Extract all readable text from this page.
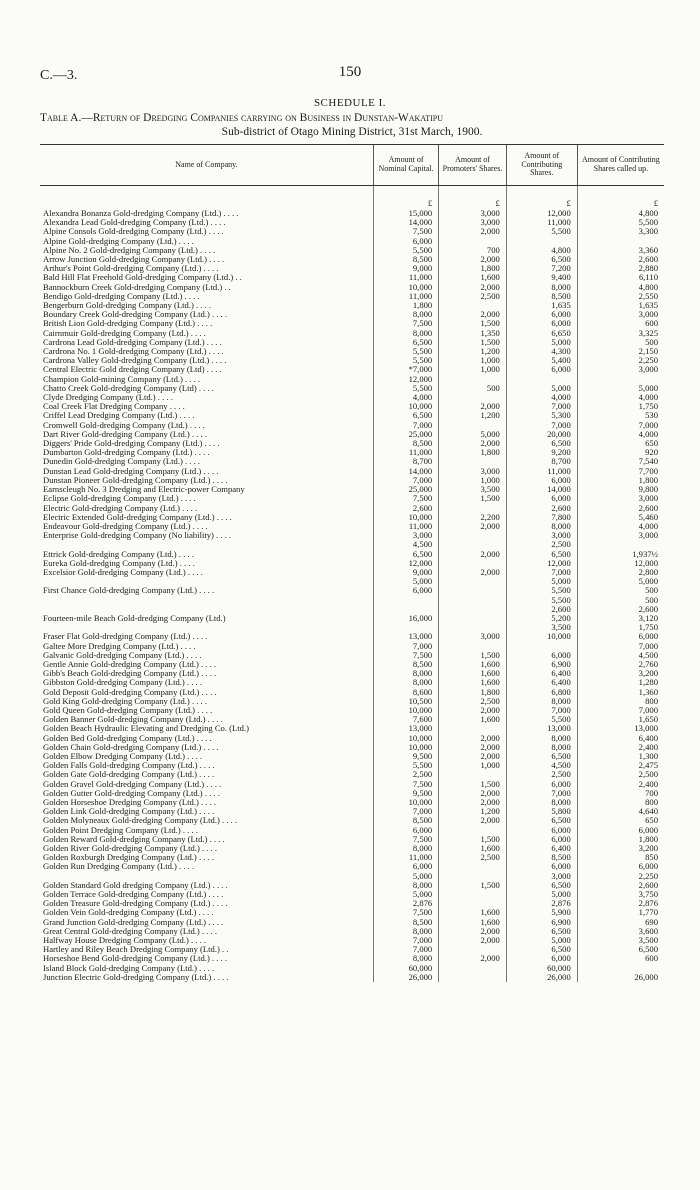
C.—3.	150
SCHEDULE I.
Table A.—Return of Dredging Companies carrying on Business in Dunstan-Wakatipu
Sub-district of Otago Mining District, 31st March, 1900.
Name of Company.	Amount of Nominal Capital.	Amount of Promoters' Shares.	Amount of Contributing Shares.	Amount of Contributing Shares called up.

	£	£	£	£
Alexandra Bonanza Gold-dredging Company (Ltd.) . . . .	15,000	3,000	12,000	4,800
Alexandra Lead Gold-dredging Company (Ltd.) . . . .	14,000	3,000	11,000	5,500
Alpine Consols Gold-dredging Company (Ltd.) . . . .	7,500	2,000	5,500	3,300
Alpine Gold-dredging Company (Ltd.) . . . .	6,000			
Alpine No. 2 Gold-dredging Company (Ltd.) . . . .	5,500	700	4,800	3,360
Arrow Junction Gold-dredging Company (Ltd.) . . . .	8,500	2,000	6,500	2,600
Arthur's Point Gold-dredging Company (Ltd.) . . . .	9,000	1,800	7,200	2,880
Bald Hill Flat Freehold Gold-dredging Company (Ltd.) . .	11,000	1,600	9,400	6,110
Bannockburn Creek Gold-dredging Company (Ltd.) . .	10,000	2,000	8,000	4,800
Bendigo Gold-dredging Company (Ltd.) . . . .	11,000	2,500	8,500	2,550
Bengerburn Gold-dredging Company (Ltd.) . . . .	1,800		1,635	1,635
Boundary Creek Gold-dredging Company (Ltd.) . . . .	8,000	2,000	6,000	3,000
British Lion Gold-dredging Company (Ltd.) . . . .	7,500	1,500	6,000	600
Cairnmuir Gold-dredging Company (Ltd.) . . . .	8,000	1,350	6,650	3,325
Cardrona Lead Gold-dredging Company (Ltd.) . . . .	6,500	1,500	5,000	500
Cardrona No. 1 Gold-dredging Company (Ltd.) . . . .	5,500	1,200	4,300	2,150
Cardrona Valley Gold-dredging Company (Ltd.) . . . .	5,500	1,000	5,400	2,250
Central Electric Gold dredging Company (Ltd) . . . .	*7,000	1,000	6,000	3,000
Champion Gold-mining Company (Ltd.) . . . .	12,000			
Chatto Creek Gold-dredging Company (Ltd) . . . .	5,500	500	5,000	5,000
Clyde Dredging Company (Ltd.) . . . .	4,000		4,000	4,000
Coal Creek Flat Dredging Company . . . .	10,000	2,000	7,000	1,750
Criffel Lead Dredging Company (Ltd.) . . . .	6,500	1,200	5,300	530
Cromwell Gold-dredging Company (Ltd.) . . . .	7,000		7,000	7,000
Dart River Gold-dredging Company (Ltd.) . . . .	25,000	5,000	20,000	4,000
Diggers' Pride Gold-dredging Company (Ltd.) . . . .	8,500	2,000	6,500	650
Dumbarton Gold-dredging Company (Ltd.) . . . .	11,000	1,800	9,200	920
Dunedin Gold-dredging Company (Ltd.) . . . .	8,700		8,700	7,540
Dunstan Lead Gold-dredging Company (Ltd.) . . . .	14,000	3,000	11,000	7,700
Dunstan Pioneer Gold-dredging Company (Ltd.) . . . .	7,000	1,000	6,000	1,800
Earnscleugh No. 3 Dredging and Electric-power Company	25,000	3,500	14,000	9,800
Eclipse Gold-dredging Company (Ltd.) . . . .	7,500	1,500	6,000	3,000
Electric Gold-dredging Company (Ltd.) . . . .	2,600		2,600	2,600
Electric Extended Gold-dredging Company (Ltd.) . . . .	10,000	2,200	7,800	5,460
Endeavour Gold-dredging Company (Ltd.) . . . .	11,000	2,000	8,000	4,000
Enterprise Gold-dredging Company (No liability) . . . .	3,000		3,000	3,000
	4,500		2,500	
Ettrick Gold-dredging Company (Ltd.) . . . .	6,500	2,000	6,500	1,937½
Eureka Gold-dredging Company (Ltd.) . . . .	12,000		12,000	12,000
Excelsior Gold-dredging Company (Ltd.) . . . .	9,000	2,000	7,000	2,800
	5,000		5,000	5,000
First Chance Gold-dredging Company (Ltd.) . . . .	6,000		5,500	500
			5,500	500
			2,600	2,600
Fourteen-mile Beach Gold-dredging Company (Ltd.)	16,000		5,200	3,120
			3,500	1,750
Fraser Flat Gold-dredging Company (Ltd.) . . . .	13,000	3,000	10,000	6,000
Galtee More Dredging Company (Ltd.) . . . .	7,000			7,000
Galvanic Gold-dredging Company (Ltd.) . . . .	7,500	1,500	6,000	4,500
Gentle Annie Gold-dredging Company (Ltd.) . . . .	8,500	1,600	6,900	2,760
Gibb's Beach Gold-dredging Company (Ltd.) . . . .	8,000	1,600	6,400	3,200
Gibbston Gold-dredging Company (Ltd.) . . . .	8,000	1,600	6,400	1,280
Gold Deposit Gold-dredging Company (Ltd.) . . . .	8,600	1,800	6,800	1,360
Gold King Gold-dredging Company (Ltd.) . . . .	10,500	2,500	8,000	800
Gold Queen Gold-dredging Company (Ltd.) . . . .	10,000	2,000	7,000	7,000
Golden Banner Gold-dredging Company (Ltd.) . . . .	7,600	1,600	5,500	1,650
Golden Beach Hydraulic Elevating and Dredging Co. (Ltd.)	13,000		13,000	13,000
Golden Bed Gold-dredging Company (Ltd.) . . . .	10,000	2,000	8,000	6,400
Golden Chain Gold-dredging Company (Ltd.) . . . .	10,000	2,000	8,000	2,400
Golden Elbow Dredging Company (Ltd.) . . . .	9,500	2,000	6,500	1,300
Golden Falls Gold-dredging Company (Ltd.) . . . .	5,500	1,000	4,500	2,475
Golden Gate Gold-dredging Company (Ltd.) . . . .	2,500		2,500	2,500
Golden Gravel Gold-dredging Company (Ltd.) . . . .	7,500	1,500	6,000	2,400
Golden Gutter Gold-dredging Company (Ltd.) . . . .	9,500	2,000	7,000	700
Golden Horseshoe Dredging Company (Ltd.) . . . .	10,000	2,000	8,000	800
Golden Link Gold-dredging Company (Ltd.) . . . .	7,000	1,200	5,800	4,640
Golden Molyneaux Gold-dredging Company (Ltd.) . . . .	8,500	2,000	6,500	650
Golden Point Dredging Company (Ltd.) . . . .	6,000		6,000	6,000
Golden Reward Gold-dredging Company (Ltd.) . . . .	7,500	1,500	6,000	1,800
Golden River Gold-dredging Company (Ltd.) . . . .	8,000	1,600	6,400	3,200
Golden Roxburgh Dredging Company (Ltd.) . . . .	11,000	2,500	8,500	850
Golden Run Dredging Company (Ltd.) . . . .	6,000		6,000	6,000
	5,000		3,000	2,250
Golden Standard Gold dredging Company (Ltd.) . . . .	8,000	1,500	6,500	2,600
Golden Terrace Gold-dredging Company (Ltd.) . . . .	5,000		5,000	3,750
Golden Treasure Gold-dredging Company (Ltd.) . . . .	2,876		2,876	2,876
Golden Vein Gold-dredging Company (Ltd.) . . . .	7,500	1,600	5,900	1,770
Grand Junction Gold-dredging Company (Ltd.) . . . .	8,500	1,600	6,900	690
Great Central Gold-dredging Company (Ltd.) . . . .	8,000	2,000	6,500	3,600
Halfway House Dredging Company (Ltd.) . . . .	7,000	2,000	5,000	3,500
Hartley and Riley Beach Dredging Company (Ltd.) . .	7,000		6,500	6,500
Horseshoe Bend Gold-dredging Company (Ltd.) . . . .	8,000	2,000	6,000	600
Island Block Gold-dredging Company (Ltd.) . . . .	60,000		60,000	
Junction Electric Gold-dredging Company (Ltd.) . . . .	26,000		26,000	26,000
